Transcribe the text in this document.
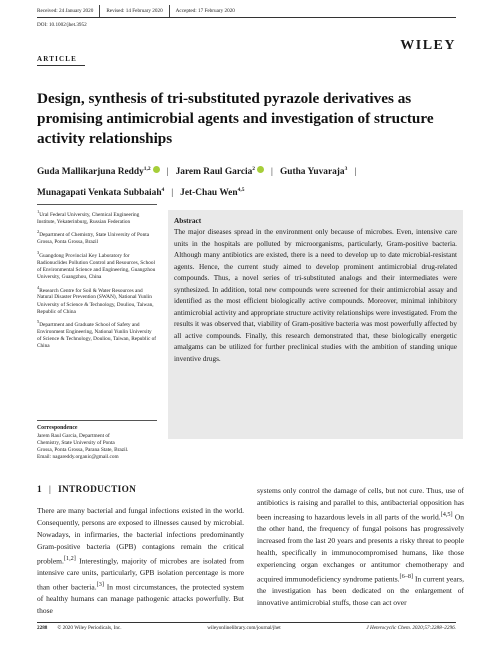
Received: 24 January 2020	Revised: 14 February 2020	Accepted: 17 February 2020
DOI: 10.1002/jhet.3952
WILEY
ARTICLE
Design, synthesis of tri-substituted pyrazole derivatives as promising antimicrobial agents and investigation of structure activity relationships
Guda Mallikarjuna Reddy$^{1,2}$ | Jarem Raul Garcia$^2$ | Gutha Yuvaraja$^3$ |
Munagapati Venkata Subbaiah$^4$ | Jet-Chau Wen$^{4,5}$
$^1$Ural Federal University, Chemical Engineering Institute, Yekaterinburg, Russian Federation
$^2$Department of Chemistry, State University of Ponta Grossa, Ponta Grossa, Brazil
$^3$Guangdong Provincial Key Laboratory for Radionuclides Pollution Control and Resources, School of Environmental Science and Engineering, Guangzhou University, Guangzhou, China
$^4$Research Centre for Soil & Water Resources and Natural Disaster Prevention (SWAN), National Yunlin University of Science & Technology, Douliou, Taiwan, Republic of China
$^5$Department and Graduate School of Safety and Environment Engineering, National Yunlin University of Science & Technology, Douliou, Taiwan, Republic of China
Correspondence
Jarem Raul Garcia, Department of
Chemistry, State University of Ponta
Grossa, Ponta Grossa, Parana State, Brazil.
Email: nagareddy.organic@gmail.com
Abstract
The major diseases spread in the environment only because of microbes. Even, intensive care units in the hospitals are polluted by microorganisms, particularly, Gram-positive bacteria. Although many antibiotics are existed, there is a need to develop up to date microbial-resistant agents. Hence, the current study aimed to develop prominent antimicrobial drug-related compounds. Thus, a novel series of tri-substituted analogs and their intermediates were synthesized. In addition, total new compounds were screened for their antimicrobial assay and identified as the most efficient biologically active compounds. Moreover, minimal inhibitory antimicrobial activity and appropriate structure activity relationships were investigated. From the results it was observed that, viability of Gram-positive bacteria was most powerfully affected by all active compounds. Finally, this research demonstrated that, these biologically energetic amalgams can be utilized for further preclinical studies with the ambition of standing unique inventive drugs.
1 | INTRODUCTION
There are many bacterial and fungal infections existed in the world. Consequently, persons are exposed to illnesses caused by microbial. Nowadays, in infirmaries, the bacterial infections predominantly Gram-positive bacteria (GPB) contagions remain the critical problem.[1,2] Interestingly, majority of microbes are isolated from intensive care units, particularly, GPB isolation percentage is more than other bacteria.[3] In most circumstances, the protected system of healthy humans can manage pathogenic attacks powerfully. But those
systems only control the damage of cells, but not cure. Thus, use of antibiotics is raising and parallel to this, antibacterial opposition has been increasing to hazardous levels in all parts of the world.[4,5] On the other hand, the frequency of fungal poisons has progressively increased from the last 20 years and presents a risky threat to people health, specifically in immunocompromised humans, like those experiencing organ exchanges or antitumor chemotherapy and acquired immunodeficiency syndrome patients.[6–8] In current years, the investigation has been dedicated on the enlargement of innovative antimicrobial stuffs, those can act over
2288 © 2020 Wiley Periodicals, Inc.	wileyonlinelibrary.com/journal/jhet	J Heterocyclic Chem. 2020;57:2288–2296.
